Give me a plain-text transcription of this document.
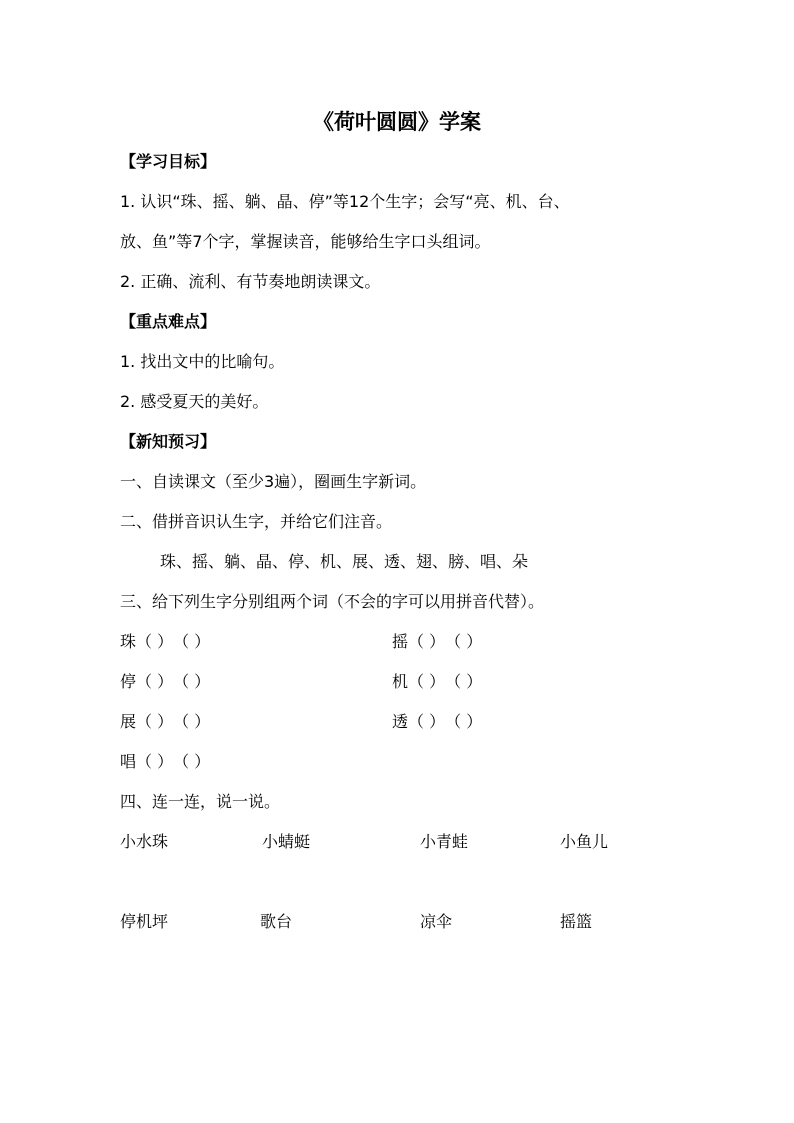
《荷叶圆圆》学案
【学习目标】
1. 认识“珠、摇、躺、晶、停”等12个生字；会写“亮、机、台、
放、鱼”等7个字，掌握读音，能够给生字口头组词。
2. 正确、流利、有节奏地朗读课文。
【重点难点】
1. 找出文中的比喻句。
2. 感受夏天的美好。
【新知预习】
一、自读课文（至少3遍），圈画生字新词。
二、借拼音识认生字，并给它们注音。
珠、摇、躺、晶、停、机、展、透、翅、膀、唱、朵
三、给下列生字分别组两个词（不会的字可以用拼音代替）。
珠（ ）（ ）	摇（ ）（ ）
停（ ）（ ）	机（ ）（ ）
展（ ）（ ）	透（ ）（ ）
唱（ ）（ ）
四、连一连，说一说。
小水珠	小蜻蜓	小青蛙	小鱼儿
停机坪	歌台	凉伞	摇篮
